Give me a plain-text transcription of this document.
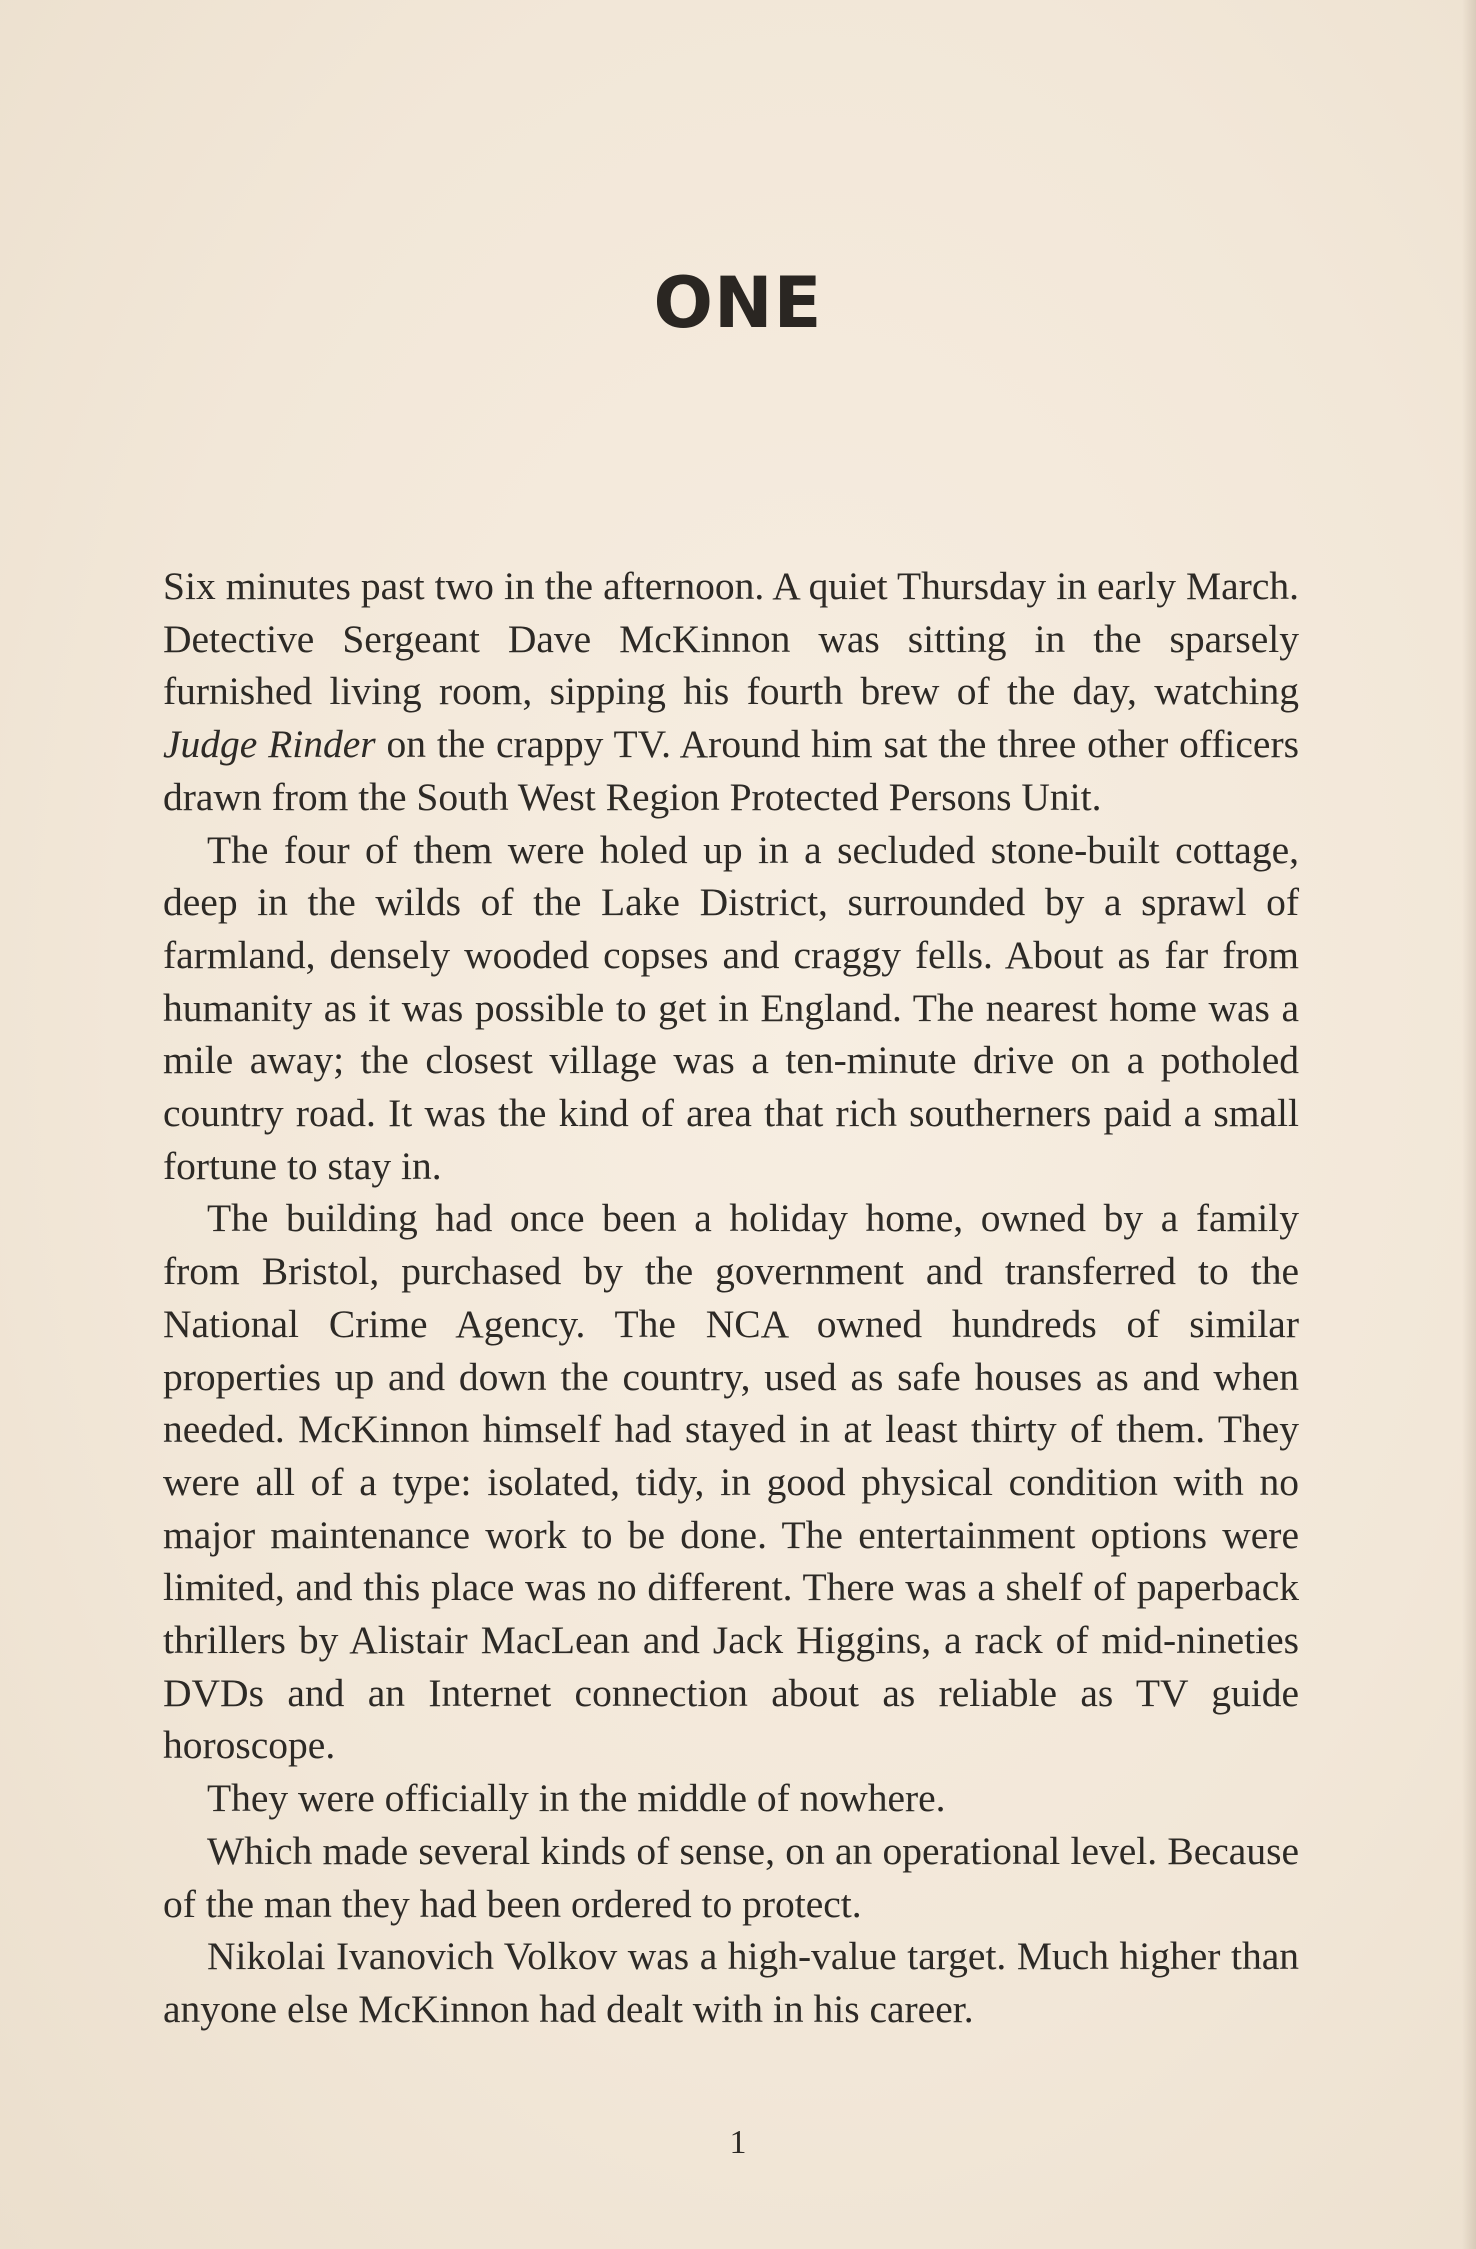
ONE

Six minutes past two in the afternoon. A quiet Thursday in early March. Detective Sergeant Dave McKinnon was sitting in the sparsely furnished living room, sipping his fourth brew of the day, watching Judge Rinder on the crappy TV. Around him sat the three other officers drawn from the South West Region Protected Persons Unit.

The four of them were holed up in a secluded stone-built cottage, deep in the wilds of the Lake District, surrounded by a sprawl of farmland, densely wooded copses and craggy fells. About as far from humanity as it was possible to get in England. The nearest home was a mile away; the closest village was a ten-minute drive on a potholed country road. It was the kind of area that rich southerners paid a small fortune to stay in.

The building had once been a holiday home, owned by a family from Bristol, purchased by the government and transferred to the National Crime Agency. The NCA owned hundreds of similar properties up and down the country, used as safe houses as and when needed. McKinnon himself had stayed in at least thirty of them. They were all of a type: isolated, tidy, in good physical condition with no major maintenance work to be done. The entertainment options were limited, and this place was no different. There was a shelf of paperback thrillers by Alistair MacLean and Jack Higgins, a rack of mid-nineties DVDs and an Internet connection about as reliable as TV guide horoscope.

They were officially in the middle of nowhere.

Which made several kinds of sense, on an operational level. Because of the man they had been ordered to protect.

Nikolai Ivanovich Volkov was a high-value target. Much higher than anyone else McKinnon had dealt with in his career.

1
